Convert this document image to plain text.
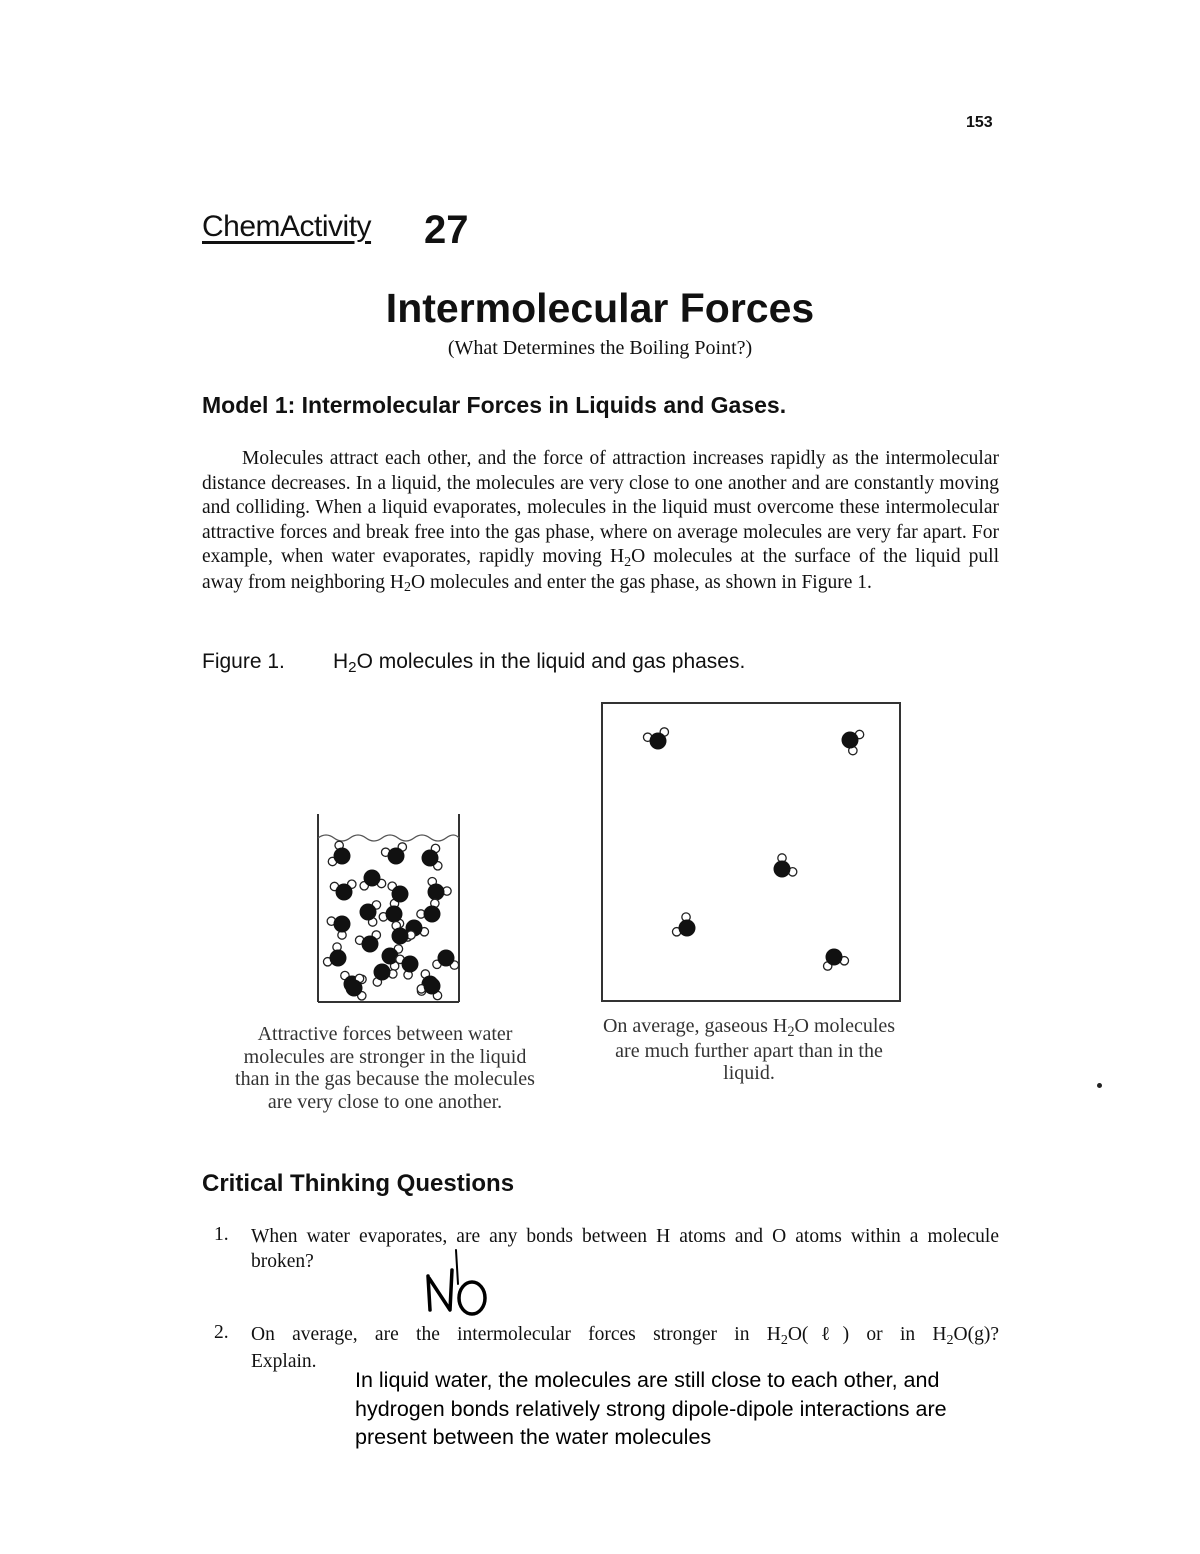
153
ChemActivity 27
Intermolecular Forces
(What Determines the Boiling Point?)
Model 1: Intermolecular Forces in Liquids and Gases.
Molecules attract each other, and the force of attraction increases rapidly as the intermolecular distance decreases. In a liquid, the molecules are very close to one another and are constantly moving and colliding. When a liquid evaporates, molecules in the liquid must overcome these intermolecular attractive forces and break free into the gas phase, where on average molecules are very far apart. For example, when water evaporates, rapidly moving $H_2O$ molecules at the surface of the liquid pull away from neighboring $H_2O$ molecules and enter the gas phase, as shown in Figure 1.
Figure 1. $H_2O$ molecules in the liquid and gas phases.
Attractive forces between water molecules are stronger in the liquid than in the gas because the molecules are very close to one another.
On average, gaseous $H_2O$ molecules are much further apart than in the liquid.
Critical Thinking Questions
1. When water evaporates, are any bonds between H atoms and O atoms within a molecule broken?
2. On average, are the intermolecular forces stronger in $H_2O(\ell)$ or in $H_2O(g)$?
Explain.
In liquid water, the molecules are still close to each other, and hydrogen bonds relatively strong dipole-dipole interactions are present between the water molecules
